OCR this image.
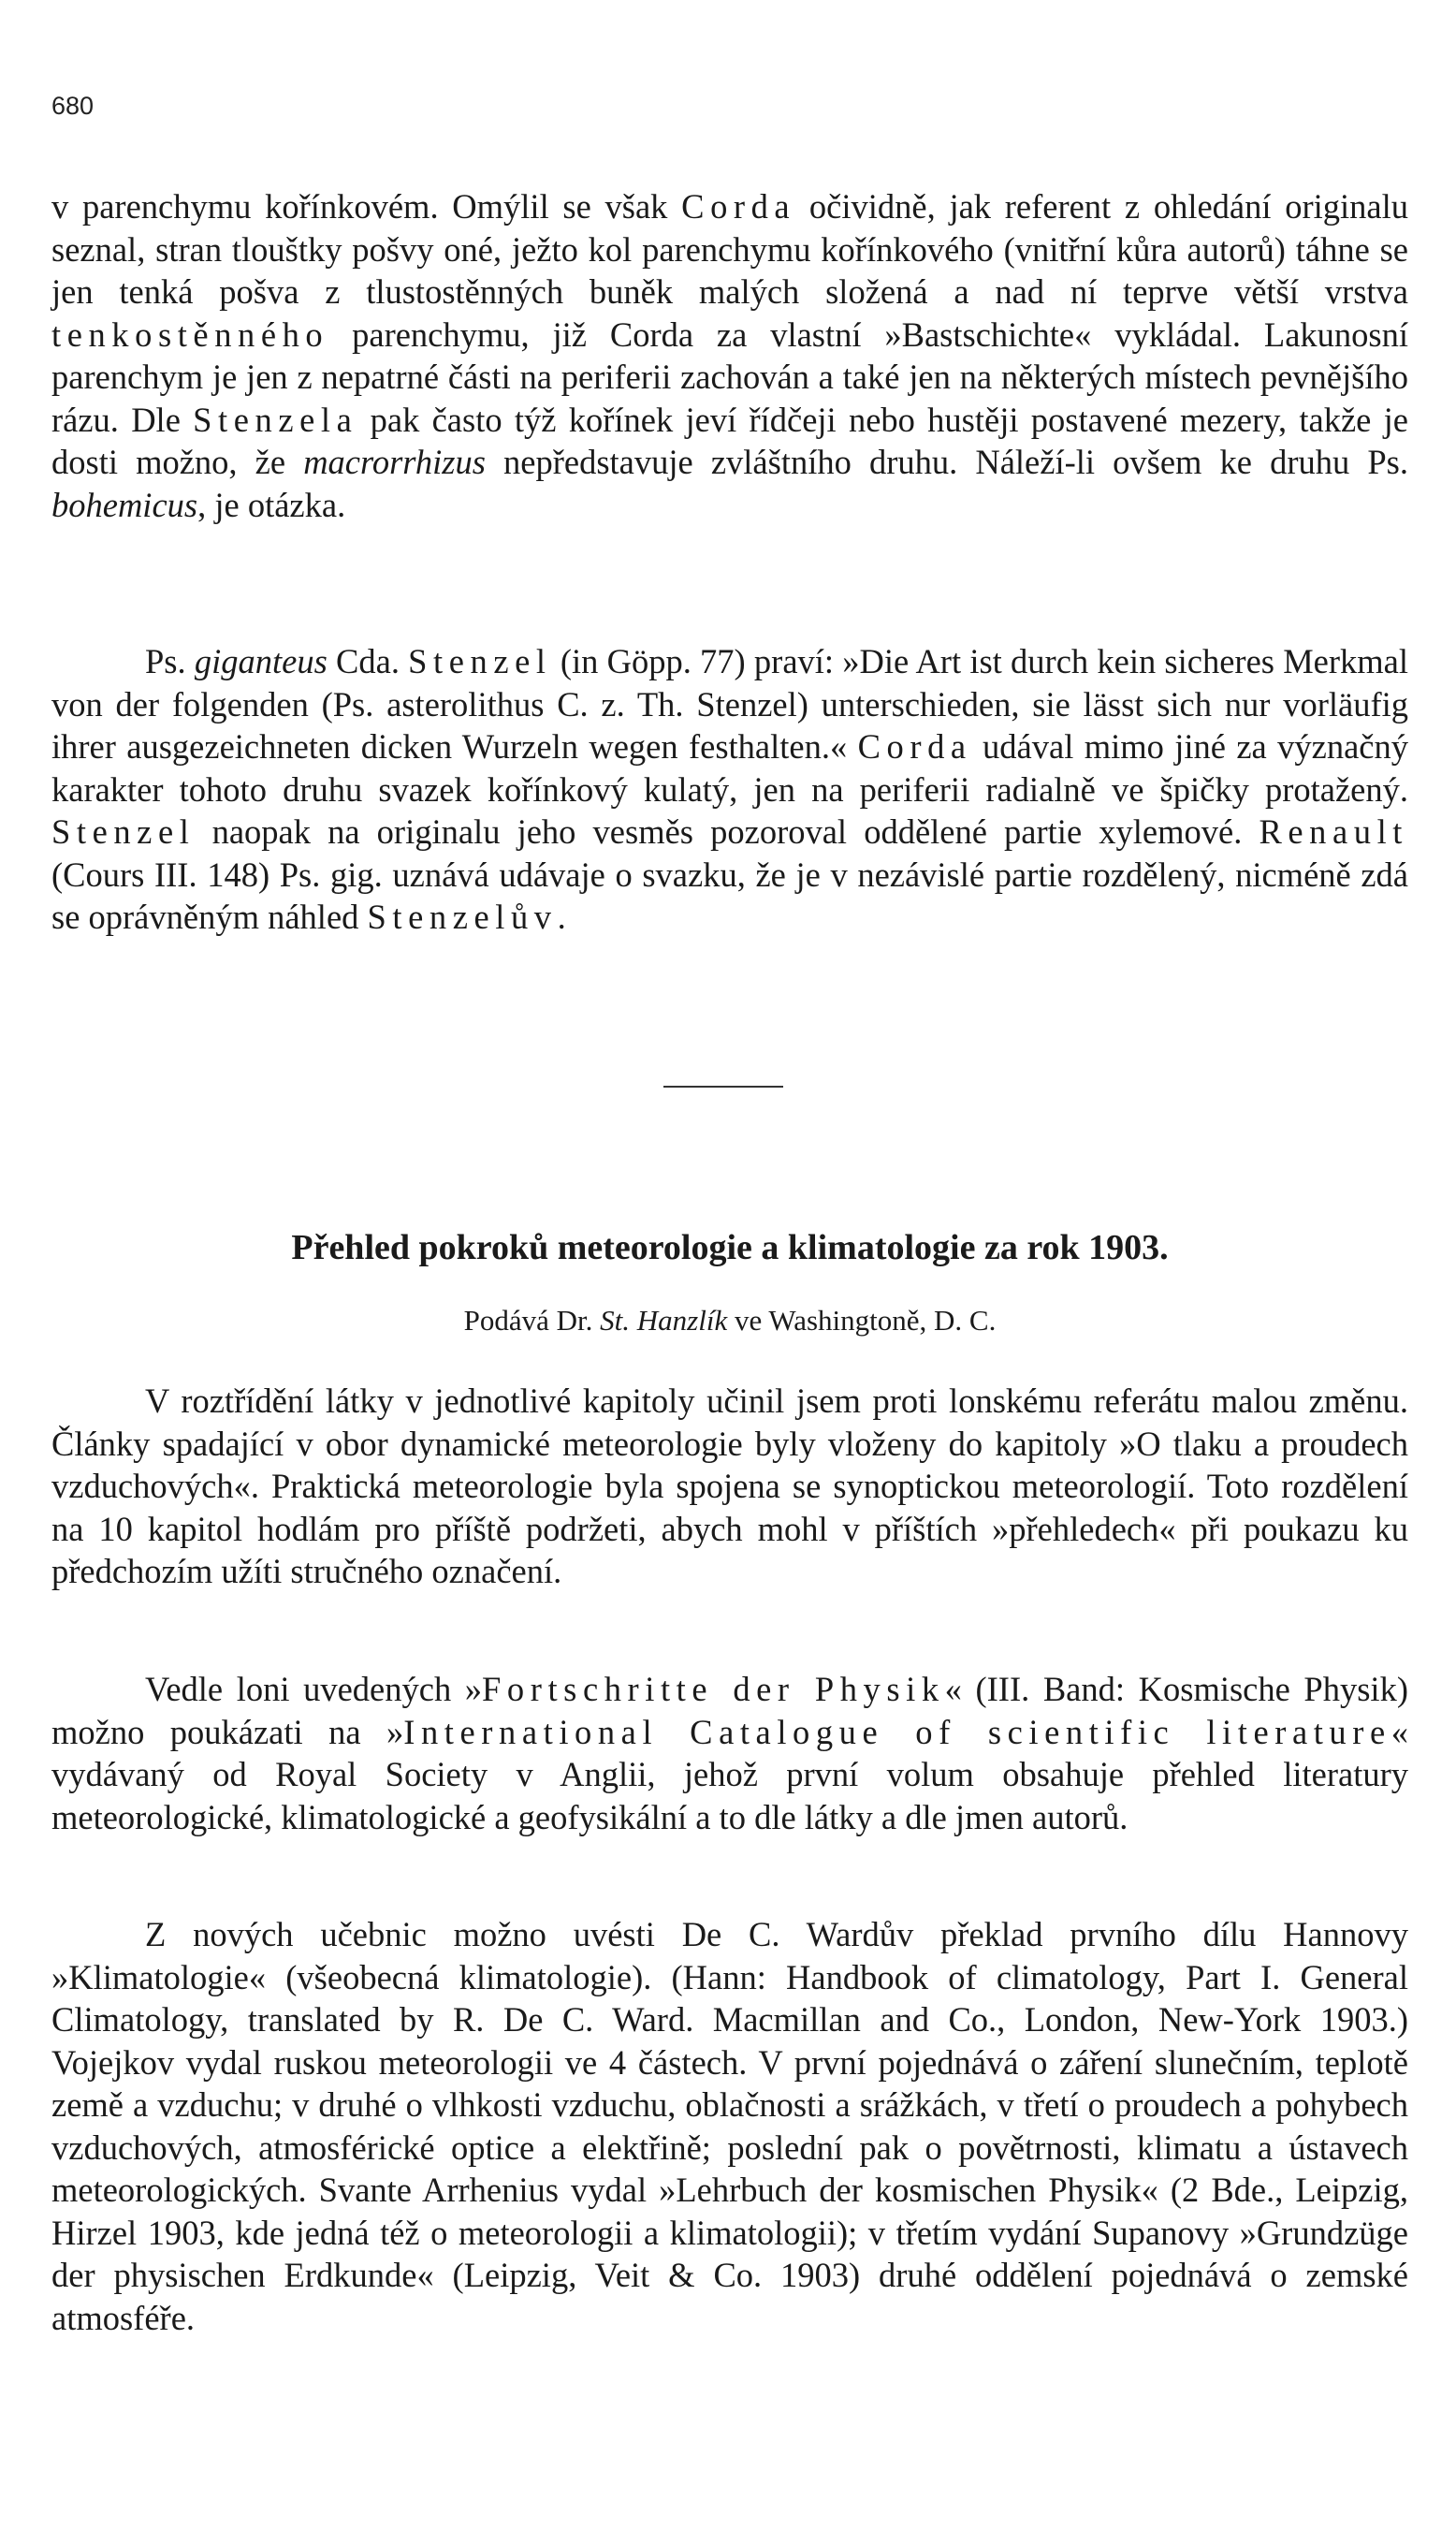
680

v parenchymu kořínkovém. Omýlil se však Corda očividně, jak referent z ohledání originalu seznal, stran tlouštky pošvy oné, ježto kol parenchymu kořínkového (vnitřní kůra autorů) táhne se jen tenká pošva z tlustostěnných buněk malých složená a nad ní teprve větší vrstva tenkostěnného parenchymu, již Corda za vlastní »Bastschichte« vykládal. Lakunosní parenchym je jen z nepatrné části na periferii zachován a také jen na některých místech pevnějšího rázu. Dle Stenzela pak často týž kořínek jeví řídčeji nebo hustěji postavené mezery, takže je dosti možno, že macrorrhizus nepředstavuje zvláštního druhu. Náleží-li ovšem ke druhu Ps. bohemicus, je otázka.

Ps. giganteus Cda. Stenzel (in Göpp. 77) praví: »Die Art ist durch kein sicheres Merkmal von der folgenden (Ps. asterolithus C. z. Th. Stenzel) unterschieden, sie lässt sich nur vorläufig ihrer ausgezeichneten dicken Wurzeln wegen festhalten.« Corda udával mimo jiné za význačný karakter tohoto druhu svazek kořínkový kulatý, jen na periferii radialně ve špičky protažený. Stenzel naopak na originalu jeho vesměs pozoroval oddělené partie xylemové. Renault (Cours III. 148) Ps. gig. uznává udávaje o svazku, že je v nezávislé partie rozdělený, nicméně zdá se oprávněným náhled Stenzelův.

Přehled pokroků meteorologie a klimatologie za rok 1903.
Podává Dr. St. Hanzlík ve Washingtoně, D. C.

V roztřídění látky v jednotlivé kapitoly učinil jsem proti lonskému referátu malou změnu. Články spadající v obor dynamické meteorologie byly vloženy do kapitoly »O tlaku a proudech vzduchových«. Praktická meteorologie byla spojena se synoptickou meteorologií. Toto rozdělení na 10 kapitol hodlám pro příště podržeti, abych mohl v příštích »přehledech« při poukazu ku předchozím užíti stručného označení.

Vedle loni uvedených »Fortschritte der Physik« (III. Band: Kosmische Physik) možno poukázati na »International Catalogue of scientific literature« vydávaný od Royal Society v Anglii, jehož první volum obsahuje přehled literatury meteorologické, klimatologické a geofysikální a to dle látky a dle jmen autorů.

Z nových učebnic možno uvésti De C. Wardův překlad prvního dílu Hannovy »Klimatologie« (všeobecná klimatologie). (Hann: Handbook of climatology, Part I. General Climatology, translated by R. De C. Ward. Macmillan and Co., London, New-York 1903.) Vojejkov vydal ruskou meteorologii ve 4 částech. V první pojednává o záření slunečním, teplotě země a vzduchu; v druhé o vlhkosti vzduchu, oblačnosti a srážkách, v třetí o proudech a pohybech vzduchových, atmosférické optice a elektřině; poslední pak o povětrnosti, klimatu a ústavech meteorologických. Svante Arrhenius vydal »Lehrbuch der kosmischen Physik« (2 Bde., Leipzig, Hirzel 1903, kde jedná též o meteorologii a klimatologii); v třetím vydání Supanovy »Grundzüge der physischen Erdkunde« (Leipzig, Veit & Co. 1903) druhé oddělení pojednává o zemské atmosféře.
